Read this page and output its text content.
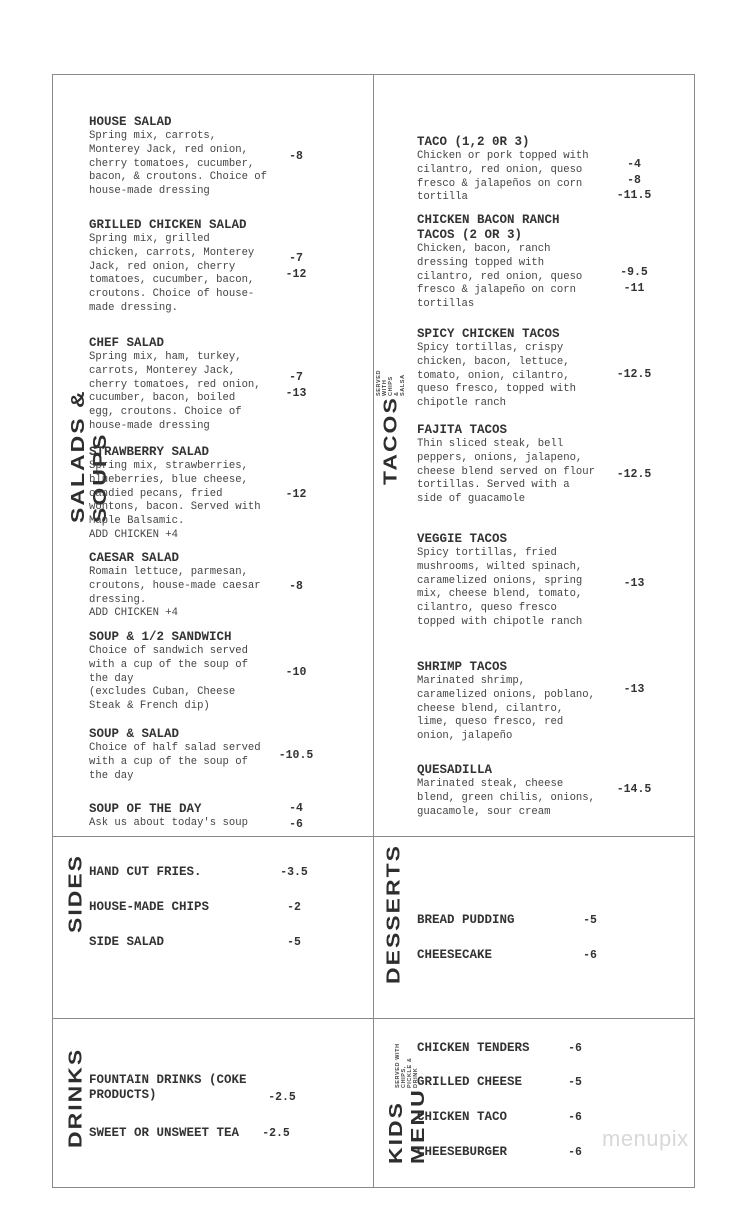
SALADS & SOUPS	TACOS
SERVED WITH CHIPS & SALSA
SIDES	DESSERTS
DRINKS	KIDS MENU
SERVED WITH CHIPS, PICKLE & DRINK
HOUSE SALAD
Spring mix, carrots,
Monterey Jack, red onion,
cherry tomatoes, cucumber,
bacon, & croutons. Choice of
house-made dressing
-8
GRILLED CHICKEN SALAD
Spring mix, grilled
chicken, carrots, Monterey
Jack, red onion, cherry
tomatoes, cucumber, bacon,
croutons. Choice of house-
made dressing.
-7
-12
CHEF SALAD
Spring mix, ham, turkey,
carrots, Monterey Jack,
cherry tomatoes, red onion,
cucumber, bacon, boiled
egg, croutons. Choice of
house-made dressing
-7
-13
STRAWBERRY SALAD
Spring mix, strawberries,
blueberries, blue cheese,
candied pecans, fried
wontons, bacon. Served with
Maple Balsamic.
ADD CHICKEN +4
-12
CAESAR SALAD
Romain lettuce, parmesan,
croutons, house-made caesar
dressing.
ADD CHICKEN +4
-8
SOUP & 1/2 SANDWICH
Choice of sandwich served
with a cup of the soup of
the day
(excludes Cuban, Cheese
Steak & French dip)
-10
SOUP & SALAD
Choice of half salad served
with a cup of the soup of
the day
-10.5
SOUP OF THE DAY
Ask us about today's soup
-4
-6
TACO (1,2 0R 3)
Chicken or pork topped with
cilantro, red onion, queso
fresco & jalapeños on corn
tortilla
-4
-8
-11.5
CHICKEN BACON RANCH
TACOS (2 OR 3)
Chicken, bacon, ranch
dressing topped with
cilantro, red onion, queso
fresco & jalapeño on corn
tortillas
-9.5
-11
SPICY CHICKEN TACOS
Spicy tortillas, crispy
chicken, bacon, lettuce,
tomato, onion, cilantro,
queso fresco, topped with
chipotle ranch
-12.5
FAJITA TACOS
Thin sliced steak, bell
peppers, onions, jalapeno,
cheese blend served on flour
tortillas. Served with a
side of guacamole
-12.5
VEGGIE TACOS
Spicy tortillas, fried
mushrooms, wilted spinach,
caramelized onions, spring
mix, cheese blend, tomato,
cilantro, queso fresco
topped with chipotle ranch
-13
SHRIMP TACOS
Marinated shrimp,
caramelized onions, poblano,
cheese blend, cilantro,
lime, queso fresco, red
onion, jalapeño
-13
QUESADILLA
Marinated steak, cheese
blend, green chilis, onions,
guacamole, sour cream
-14.5
HAND CUT FRIES.	-3.5
HOUSE-MADE CHIPS	-2
SIDE SALAD	-5
BREAD PUDDING	-5
CHEESECAKE	-6
FOUNTAIN DRINKS (COKE
PRODUCTS)	-2.5
SWEET OR UNSWEET TEA	-2.5
CHICKEN TENDERS	-6
GRILLED CHEESE	-5
CHICKEN TACO	-6
CHEESEBURGER	-6
menupix
